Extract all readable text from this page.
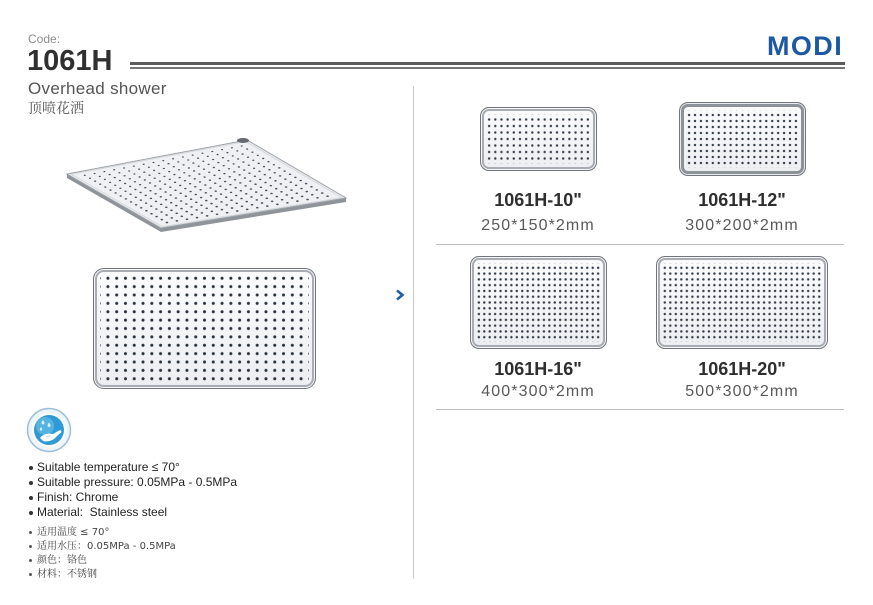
Code:
1061H	MODI
Overhead shower
顶喷花洒
Suitable temperature ≤ 70°
Suitable pressure: 0.05MPa - 0.5MPa
Finish: Chrome
Material:  Stainless steel
适用温度 ≤ 70°
适用水压：0.05MPa - 0.5MPa
颜色：铬色
材料：不锈钢
1061H-10"
250*150*2mm
1061H-12"
300*200*2mm
1061H-16"
400*300*2mm
1061H-20"
500*300*2mm
